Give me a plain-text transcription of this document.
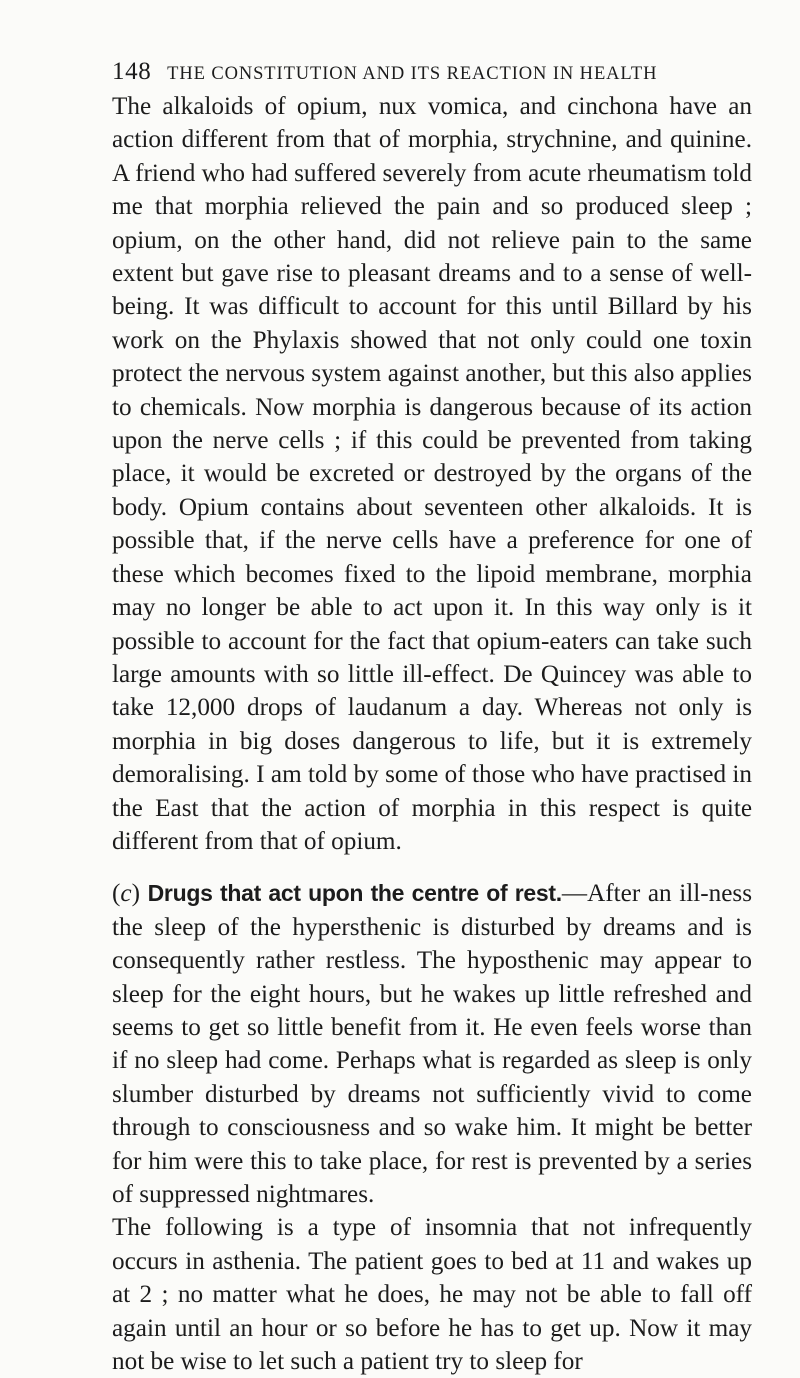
148 THE CONSTITUTION AND ITS REACTION IN HEALTH

The alkaloids of opium, nux vomica, and cinchona have an action different from that of morphia, strychnine, and quinine. A friend who had suffered severely from acute rheumatism told me that morphia relieved the pain and so produced sleep ; opium, on the other hand, did not relieve pain to the same extent but gave rise to pleasant dreams and to a sense of well-being. It was difficult to account for this until Billard by his work on the Phylaxis showed that not only could one toxin protect the nervous system against another, but this also applies to chemicals. Now morphia is dangerous because of its action upon the nerve cells ; if this could be prevented from taking place, it would be excreted or destroyed by the organs of the body. Opium contains about seventeen other alkaloids. It is possible that, if the nerve cells have a preference for one of these which becomes fixed to the lipoid membrane, morphia may no longer be able to act upon it. In this way only is it possible to account for the fact that opium-eaters can take such large amounts with so little ill-effect. De Quincey was able to take 12,000 drops of laudanum a day. Whereas not only is morphia in big doses dangerous to life, but it is extremely demoralising. I am told by some of those who have practised in the East that the action of morphia in this respect is quite different from that of opium.

(c) Drugs that act upon the centre of rest.—After an ill-ness the sleep of the hypersthenic is disturbed by dreams and is consequently rather restless. The hyposthenic may appear to sleep for the eight hours, but he wakes up little refreshed and seems to get so little benefit from it. He even feels worse than if no sleep had come. Perhaps what is regarded as sleep is only slumber disturbed by dreams not sufficiently vivid to come through to consciousness and so wake him. It might be better for him were this to take place, for rest is prevented by a series of suppressed nightmares.

The following is a type of insomnia that not infrequently occurs in asthenia. The patient goes to bed at 11 and wakes up at 2 ; no matter what he does, he may not be able to fall off again until an hour or so before he has to get up. Now it may not be wise to let such a patient try to sleep for
